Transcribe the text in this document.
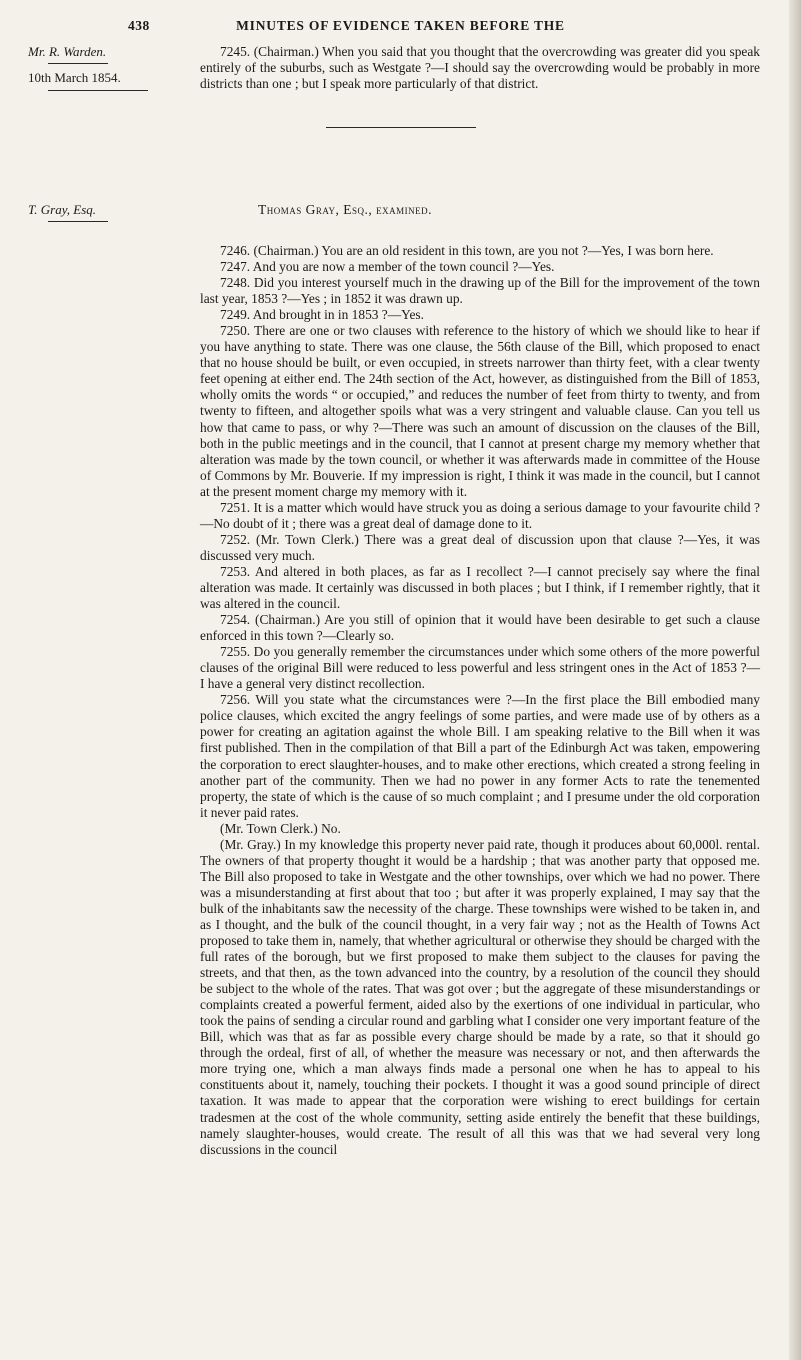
438	MINUTES OF EVIDENCE TAKEN BEFORE THE
Mr. R. Warden.
10th March 1854.

7245. (Chairman.) When you said that you thought that the overcrowding was greater did you speak entirely of the suburbs, such as Westgate ?—I should say the overcrowding would be probably in more districts than one ; but I speak more particularly of that district.

T. Gray, Esq.	Thomas Gray, Esq., examined.

7246. (Chairman.) You are an old resident in this town, are you not ?—Yes, I was born here.

7247. And you are now a member of the town council ?—Yes.

7248. Did you interest yourself much in the drawing up of the Bill for the improvement of the town last year, 1853 ?—Yes ; in 1852 it was drawn up.

7249. And brought in in 1853 ?—Yes.

7250. There are one or two clauses with reference to the history of which we should like to hear if you have anything to state. There was one clause, the 56th clause of the Bill, which proposed to enact that no house should be built, or even occupied, in streets narrower than thirty feet, with a clear twenty feet opening at either end. The 24th section of the Act, however, as distinguished from the Bill of 1853, wholly omits the words “ or occupied,” and reduces the number of feet from thirty to twenty, and from twenty to fifteen, and altogether spoils what was a very stringent and valuable clause. Can you tell us how that came to pass, or why ?—There was such an amount of discussion on the clauses of the Bill, both in the public meetings and in the council, that I cannot at present charge my memory whether that alteration was made by the town council, or whether it was afterwards made in committee of the House of Commons by Mr. Bouverie. If my impression is right, I think it was made in the council, but I cannot at the present moment charge my memory with it.

7251. It is a matter which would have struck you as doing a serious damage to your favourite child ?—No doubt of it ; there was a great deal of damage done to it.

7252. (Mr. Town Clerk.) There was a great deal of discussion upon that clause ?—Yes, it was discussed very much.

7253. And altered in both places, as far as I recollect ?—I cannot precisely say where the final alteration was made. It certainly was discussed in both places ; but I think, if I remember rightly, that it was altered in the council.

7254. (Chairman.) Are you still of opinion that it would have been desirable to get such a clause enforced in this town ?—Clearly so.

7255. Do you generally remember the circumstances under which some others of the more powerful clauses of the original Bill were reduced to less powerful and less stringent ones in the Act of 1853 ?— I have a general very distinct recollection.

7256. Will you state what the circumstances were ?—In the first place the Bill embodied many police clauses, which excited the angry feelings of some parties, and were made use of by others as a power for creating an agitation against the whole Bill. I am speaking relative to the Bill when it was first published. Then in the compilation of that Bill a part of the Edinburgh Act was taken, empowering the corporation to erect slaughter-houses, and to make other erections, which created a strong feeling in another part of the community. Then we had no power in any former Acts to rate the tenemented property, the state of which is the cause of so much complaint ; and I presume under the old corporation it never paid rates.

(Mr. Town Clerk.) No.

(Mr. Gray.) In my knowledge this property never paid rate, though it produces about 60,000l. rental. The owners of that property thought it would be a hardship ; that was another party that opposed me. The Bill also proposed to take in Westgate and the other townships, over which we had no power. There was a misunderstanding at first about that too ; but after it was properly explained, I may say that the bulk of the inhabitants saw the necessity of the charge. These townships were wished to be taken in, and as I thought, and the bulk of the council thought, in a very fair way ; not as the Health of Towns Act proposed to take them in, namely, that whether agricultural or otherwise they should be charged with the full rates of the borough, but we first proposed to make them subject to the clauses for paving the streets, and that then, as the town advanced into the country, by a resolution of the council they should be subject to the whole of the rates. That was got over ; but the aggregate of these misunderstandings or complaints created a powerful ferment, aided also by the exertions of one individual in particular, who took the pains of sending a circular round and garbling what I consider one very important feature of the Bill, which was that as far as possible every charge should be made by a rate, so that it should go through the ordeal, first of all, of whether the measure was necessary or not, and then afterwards the more trying one, which a man always finds made a personal one when he has to appeal to his constituents about it, namely, touching their pockets. I thought it was a good sound principle of direct taxation. It was made to appear that the corporation were wishing to erect buildings for certain tradesmen at the cost of the whole community, setting aside entirely the benefit that these buildings, namely slaughter-houses, would create. The result of all this was that we had several very long discussions in the council
